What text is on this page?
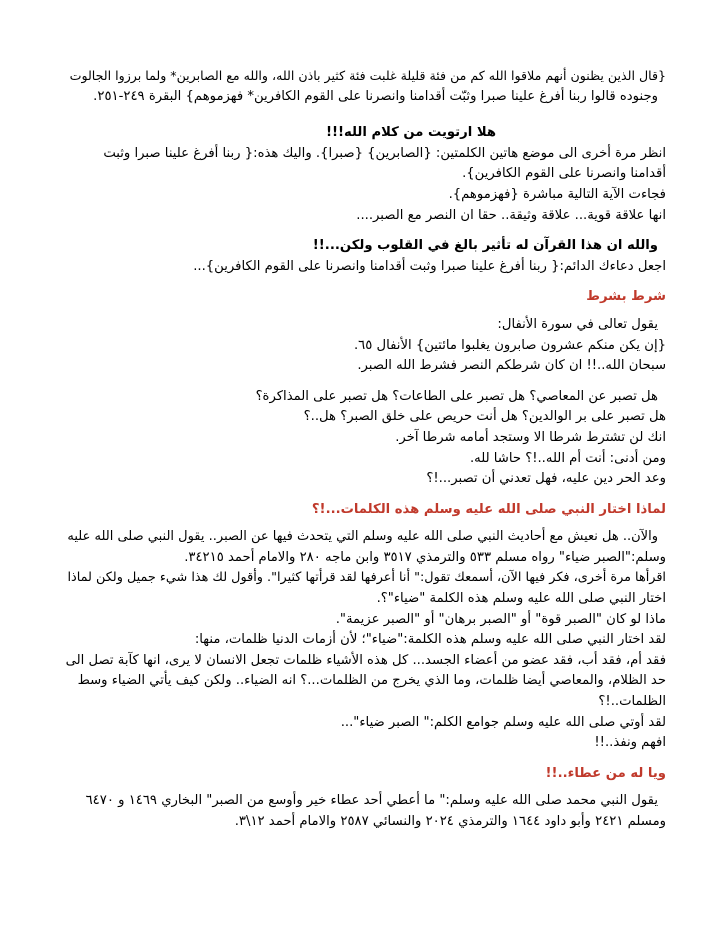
{قال الذين يظنون أنهم ملاقوا الله كم من فئة قليلة غلبت فئة كثير باذن الله، والله مع الصابرين* ولما برزوا الجالوت
وجنوده قالوا ربنا أفرغ علينا صبرا وثبّت أقدامنا وانصرنا على القوم الكافرين* فهزموهم} البقرة ٢٤٩-٢٥١.
هلا ارتويت من كلام الله!!!
انظر مرة أخرى الى موضع هاتين الكلمتين: {الصابرين} {صبرا}. واليك هذه:{ ربنا أفرغ علينا صبرا وثبت
أقدامنا وانصرنا على القوم الكافرين}.
فجاءت الآية التالية مباشرة {فهزموهم}.
انها علاقة قوية... علاقة وثيقة.. حقا ان النصر مع الصبر....
والله ان هذا القرآن له تأثير بالغ في القلوب ولكن...!!
اجعل دعاءك الدائم:{ ربنا أفرغ علينا صبرا وثبت أقدامنا وانصرنا على القوم الكافرين}...
شرط بشرط
يقول تعالى في سورة الأنفال:
{إن يكن منكم عشرون صابرون يغلبوا مائتين} الأنفال ٦٥.
سبحان الله..!! ان كان شرطكم النصر فشرط الله الصبر.
هل تصبر عن المعاصي؟ هل تصبر على الطاعات؟ هل تصبر على المذاكرة؟
هل تصبر على بر الوالدين؟ هل أنت حريص على خلق الصبر؟ هل..؟
انك لن تشترط شرطا الا وستجد أمامه شرطا آخر.
ومن أدنى: أنت أم الله..!؟ حاشا لله.
وعد الحر دين عليه، فهل تعدني أن تصبر...!؟
لماذا اختار النبي صلى الله عليه وسلم هذه الكلمات...!؟
والآن.. هل نعيش مع أحاديث النبي صلى الله عليه وسلم التي يتحدث فيها عن الصبر.. يقول النبي صلى الله عليه
وسلم:"الصبر ضياء" رواه مسلم ٥٣٣ والترمذي ٣٥١٧ وابن ماجه ٢٨٠ والامام أحمد ٣٤٢١٥.
اقرأها مرة أخرى، فكر فيها الآن، أسمعك تقول:" أنا أعرفها لقد قرأتها كثيرا". وأقول لك هذا شيء جميل ولكن لماذا
اختار النبي صلى الله عليه وسلم هذه الكلمة "ضياء"؟.
ماذا لو كان "الصبر قوة" أو "الصبر برهان" أو "الصبر عزيمة".
لقد اختار النبي صلى الله عليه وسلم هذه الكلمة:"ضياء"؛ لأن أزمات الدنيا ظلمات، منها:
فقد أم، فقد أب، فقد عضو من أعضاء الجسد... كل هذه الأشياء ظلمات تجعل الانسان لا يرى، انها كآبة تصل الى
حد الظلام، والمعاصي أيضا ظلمات، وما الذي يخرج من الظلمات...؟ انه الضياء.. ولكن كيف يأتي الضياء وسط
الظلمات..!؟
لقد أوتي صلى الله عليه وسلم جوامع الكلم:" الصبر ضياء"...
افهم ونفذ..!!
ويا له من عطاء..!!
يقول النبي محمد صلى الله عليه وسلم:" ما أعطي أحد عطاء خير وأوسع من الصبر" البخاري ١٤٦٩ و ٦٤٧٠
ومسلم ٢٤٢١ وأبو داود ١٦٤٤ والترمذي ٢٠٢٤ والنسائي ٢٥٨٧ والامام أحمد ١٢\٣.
